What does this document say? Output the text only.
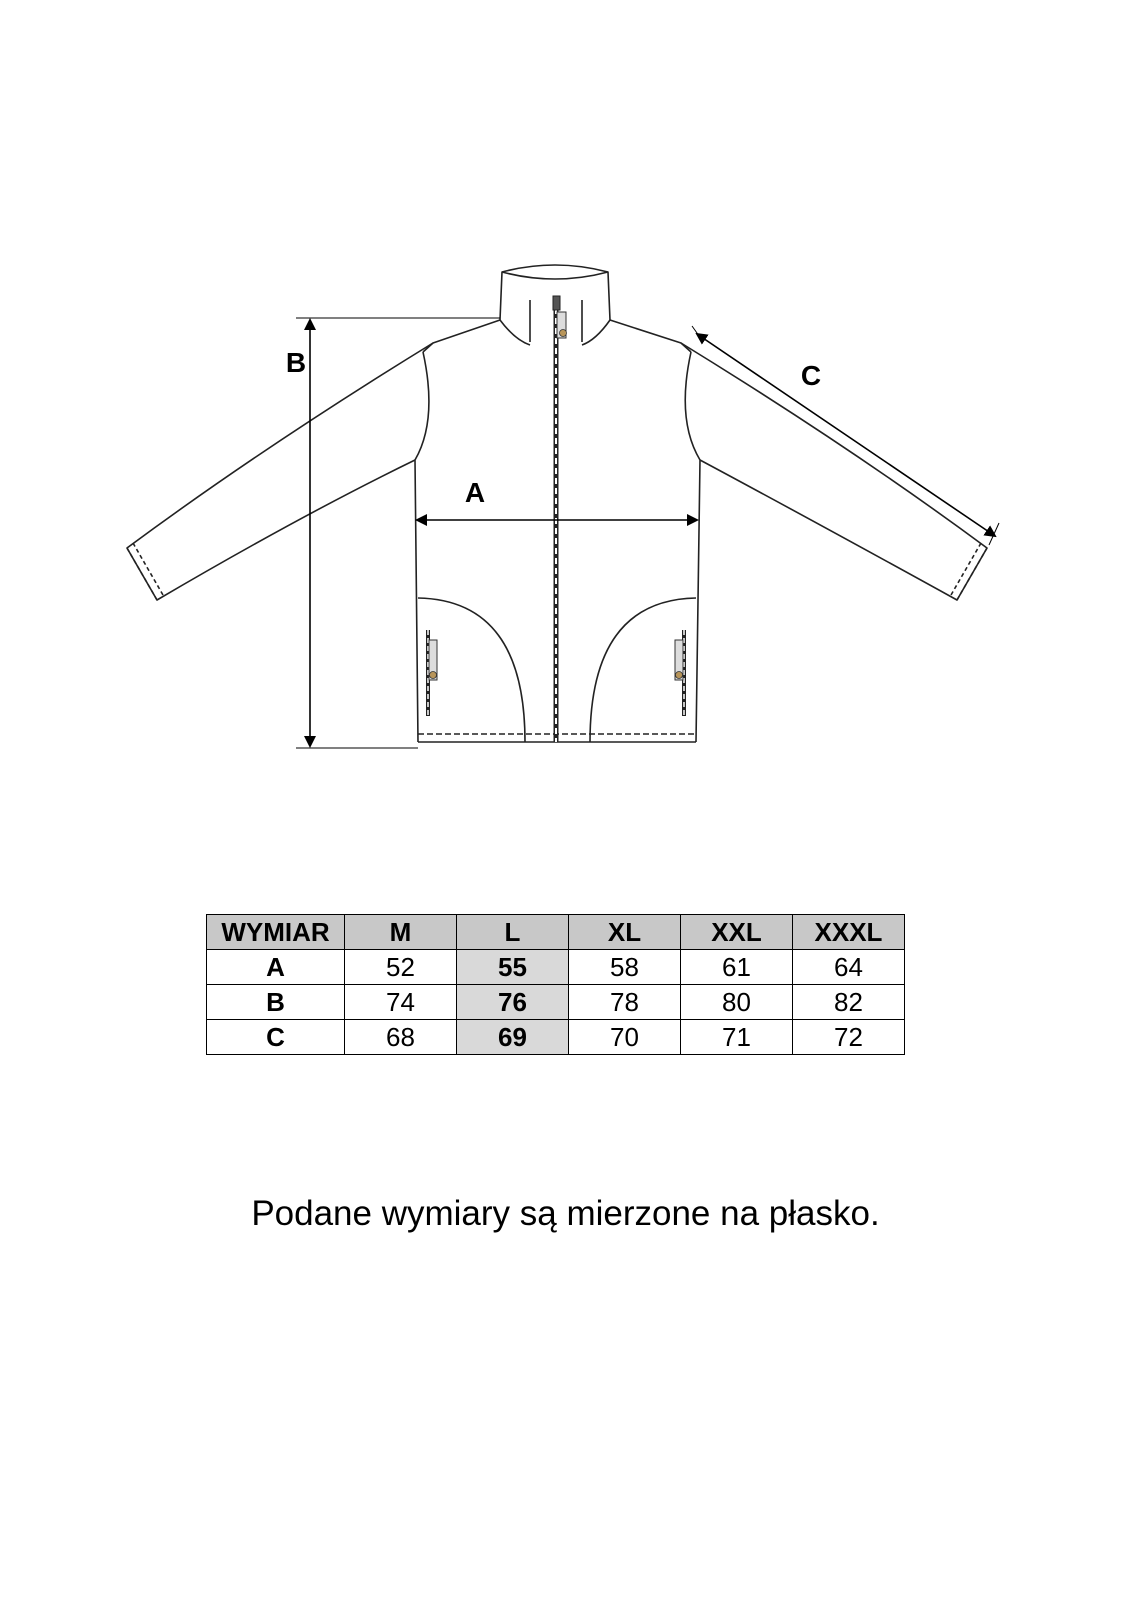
A
B	C
WYMIAR	M	L	XL	XXL	XXXL
A	52	55	58	61	64
B	74	76	78	80	82
C	68	69	70	71	72
Podane wymiary są mierzone na płasko.
